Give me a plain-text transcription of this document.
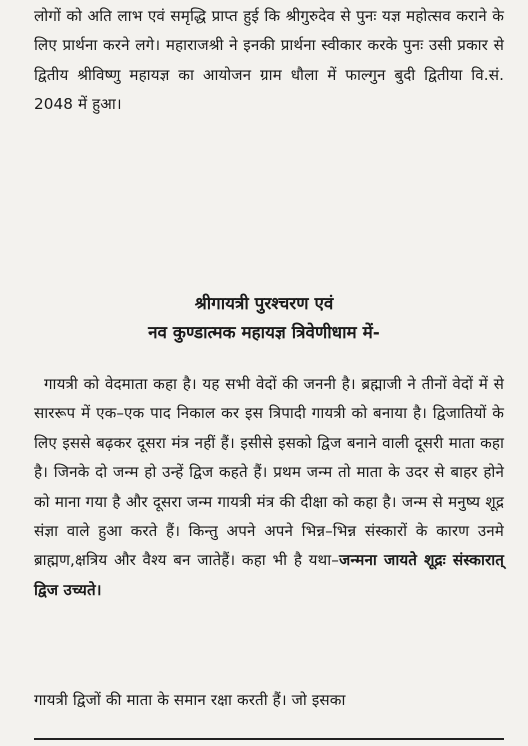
लोगों को अति लाभ एवं समृद्धि प्राप्त हुई कि श्रीगुरुदेव से पुनः यज्ञ महोत्सव कराने के लिए प्रार्थना करने लगे। महाराजश्री ने इनकी प्रार्थना स्वीकार करके पुनः उसी प्रकार से द्वितीय श्रीविष्णु महायज्ञ का आयोजन ग्राम धौला में फाल्गुन बुदी द्वितीया वि.सं. 2048 में हुआ।

श्रीगायत्री पुरश्चरण एवं

नव कुण्डात्मक महायज्ञ त्रिवेणीधाम में-

गायत्री को वेदमाता कहा है। यह सभी वेदों की जननी है। ब्रह्माजी ने तीनों वेदों में से साररूप में एक–एक पाद निकाल कर इस त्रिपादी गायत्री को बनाया है। द्विजातियों के लिए इससे बढ़कर दूसरा मंत्र नहीं हैं। इसीसे इसको द्विज बनाने वाली दूसरी माता कहा है। जिनके दो जन्म हो उन्हें द्विज कहते हैं। प्रथम जन्म तो माता के उदर से बाहर होने को माना गया है और दूसरा जन्म गायत्री मंत्र की दीक्षा को कहा है। जन्म से मनुष्य शूद्र संज्ञा वाले हुआ करते हैं। किन्तु अपने अपने भिन्न–भिन्न संस्कारों के कारण उनमे ब्राह्मण,क्षत्रिय और वैश्य बन जातेहैं। कहा भी है यथा–जन्मना जायते शूद्रः संस्कारात् द्विज उच्यते।

गायत्री द्विजों की माता के समान रक्षा करती हैं। जो इसका
